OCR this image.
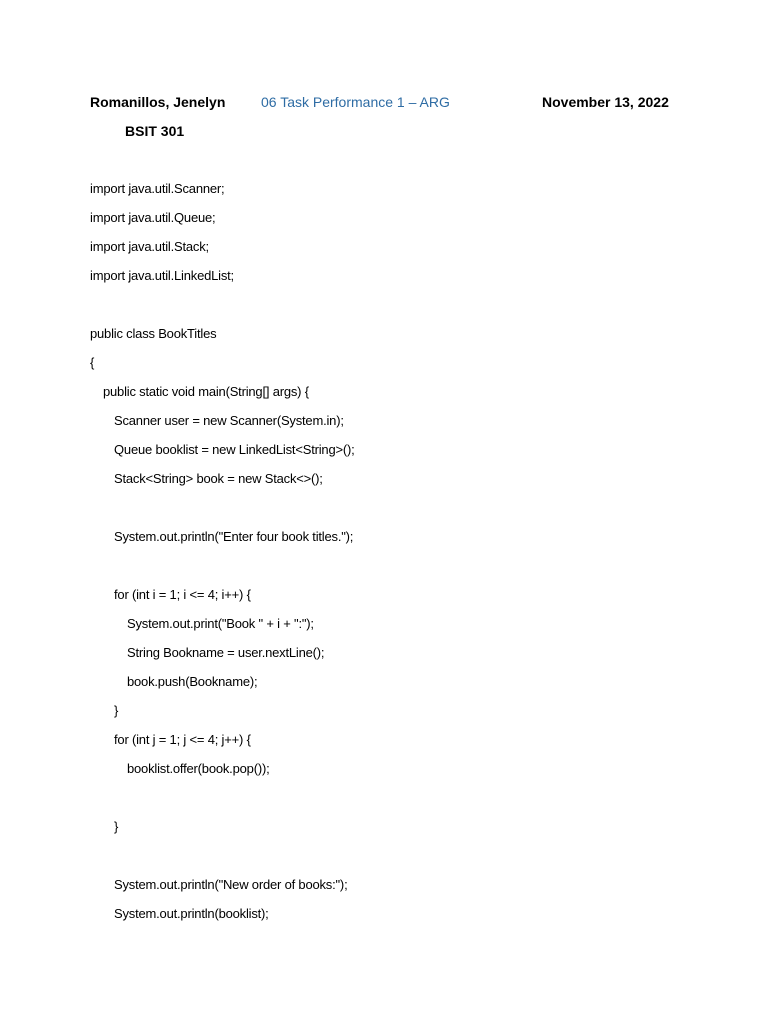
Romanillos, Jenelyn	06 Task Performance 1 – ARG	November 13, 2022
BSIT 301
import java.util.Scanner;
import java.util.Queue;
import java.util.Stack;
import java.util.LinkedList;
public class BookTitles
{
public static void main(String[] args) {
Scanner user = new Scanner(System.in);
Queue booklist = new LinkedList<String>();
Stack<String> book = new Stack<>();
System.out.println("Enter four book titles.");
for (int i = 1; i <= 4; i++) {
System.out.print("Book " + i + ":");
String Bookname = user.nextLine();
book.push(Bookname);
}
for (int j = 1; j <= 4; j++) {
booklist.offer(book.pop());
}
System.out.println("New order of books:");
System.out.println(booklist);
